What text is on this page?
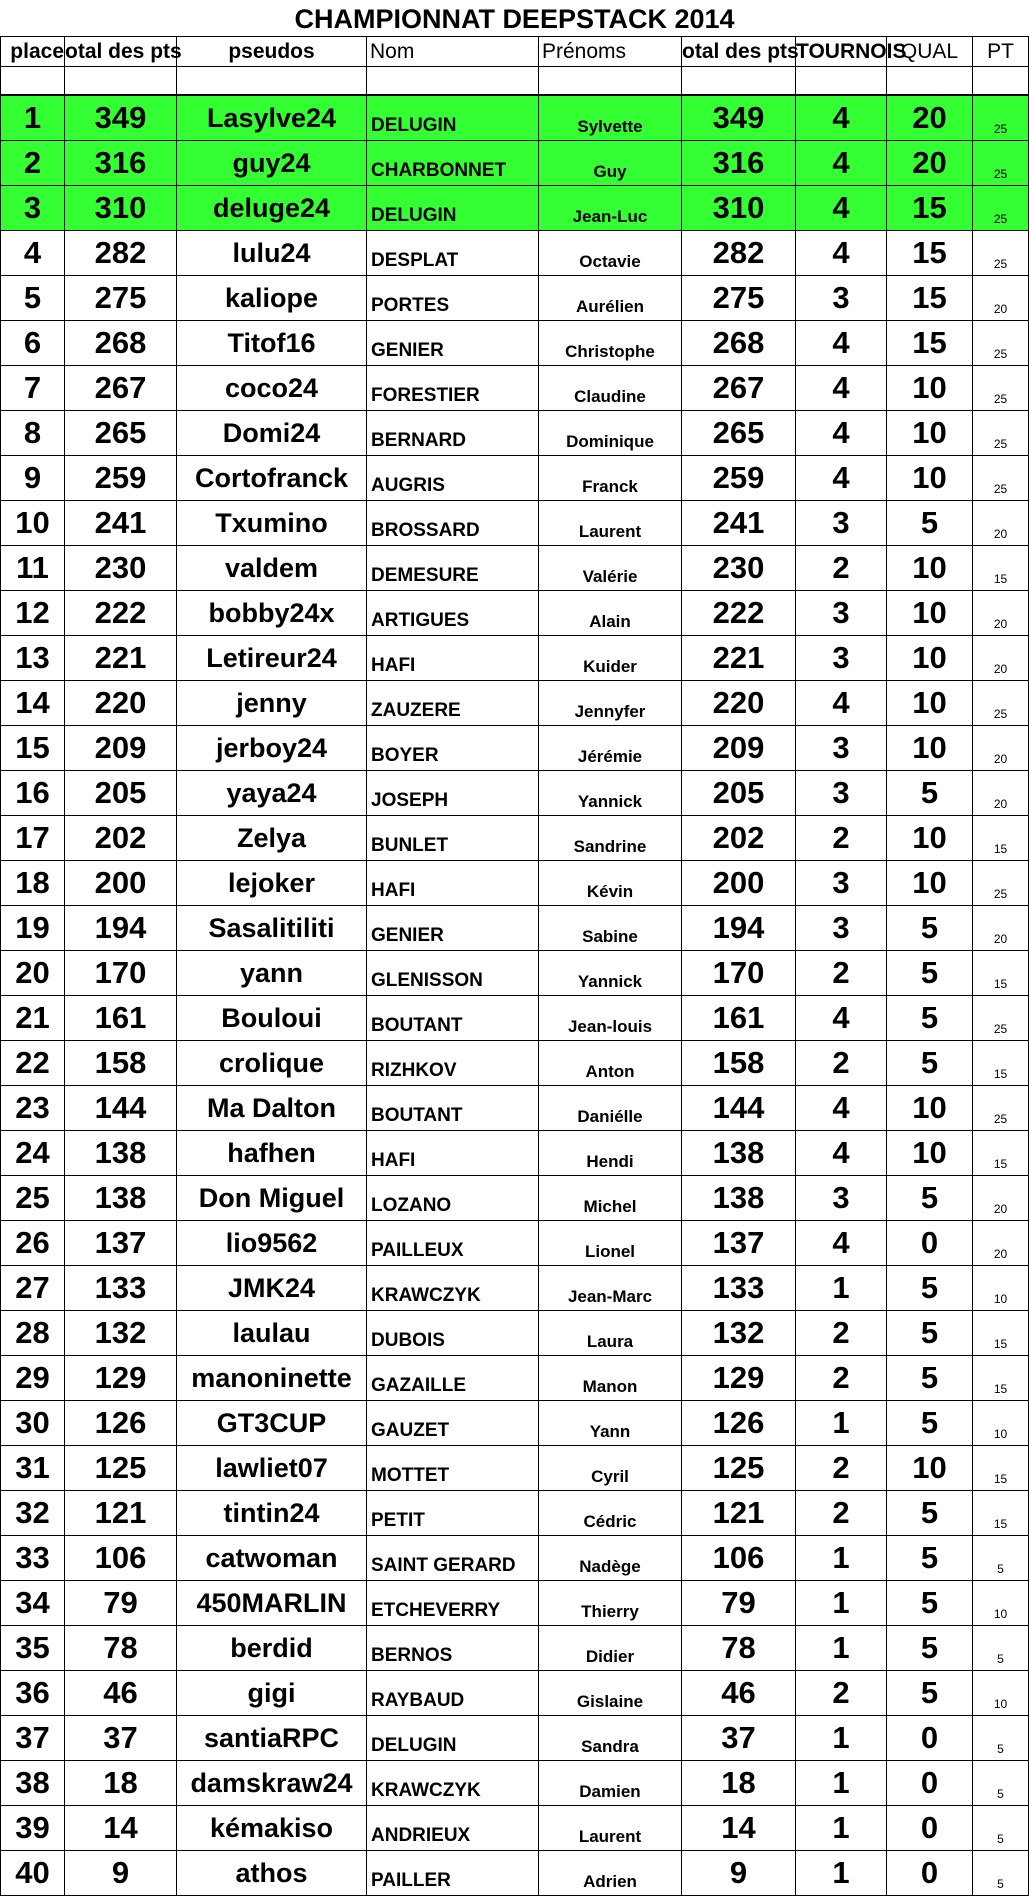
CHAMPIONNAT DEEPSTACK 2014
place	otal des pts	pseudos	Nom	Prénoms	otal des pts	TOURNOIS	QUAL	PT

1	349	Lasylve24	DELUGIN	Sylvette	349	4	20	25
2	316	guy24	CHARBONNET	Guy	316	4	20	25
3	310	deluge24	DELUGIN	Jean-Luc	310	4	15	25
4	282	lulu24	DESPLAT	Octavie	282	4	15	25
5	275	kaliope	PORTES	Aurélien	275	3	15	20
6	268	Titof16	GENIER	Christophe	268	4	15	25
7	267	coco24	FORESTIER	Claudine	267	4	10	25
8	265	Domi24	BERNARD	Dominique	265	4	10	25
9	259	Cortofranck	AUGRIS	Franck	259	4	10	25
10	241	Txumino	BROSSARD	Laurent	241	3	5	20
11	230	valdem	DEMESURE	Valérie	230	2	10	15
12	222	bobby24x	ARTIGUES	Alain	222	3	10	20
13	221	Letireur24	HAFI	Kuider	221	3	10	20
14	220	jenny	ZAUZERE	Jennyfer	220	4	10	25
15	209	jerboy24	BOYER	Jérémie	209	3	10	20
16	205	yaya24	JOSEPH	Yannick	205	3	5	20
17	202	Zelya	BUNLET	Sandrine	202	2	10	15
18	200	lejoker	HAFI	Kévin	200	3	10	25
19	194	Sasalitiliti	GENIER	Sabine	194	3	5	20
20	170	yann	GLENISSON	Yannick	170	2	5	15
21	161	Bouloui	BOUTANT	Jean-louis	161	4	5	25
22	158	crolique	RIZHKOV	Anton	158	2	5	15
23	144	Ma Dalton	BOUTANT	Daniélle	144	4	10	25
24	138	hafhen	HAFI	Hendi	138	4	10	15
25	138	Don Miguel	LOZANO	Michel	138	3	5	20
26	137	lio9562	PAILLEUX	Lionel	137	4	0	20
27	133	JMK24	KRAWCZYK	Jean-Marc	133	1	5	10
28	132	laulau	DUBOIS	Laura	132	2	5	15
29	129	manoninette	GAZAILLE	Manon	129	2	5	15
30	126	GT3CUP	GAUZET	Yann	126	1	5	10
31	125	lawliet07	MOTTET	Cyril	125	2	10	15
32	121	tintin24	PETIT	Cédric	121	2	5	15
33	106	catwoman	SAINT GERARD	Nadège	106	1	5	5
34	79	450MARLIN	ETCHEVERRY	Thierry	79	1	5	10
35	78	berdid	BERNOS	Didier	78	1	5	5
36	46	gigi	RAYBAUD	Gislaine	46	2	5	10
37	37	santiaRPC	DELUGIN	Sandra	37	1	0	5
38	18	damskraw24	KRAWCZYK	Damien	18	1	0	5
39	14	kémakiso	ANDRIEUX	Laurent	14	1	0	5
40	9	athos	PAILLER	Adrien	9	1	0	5
